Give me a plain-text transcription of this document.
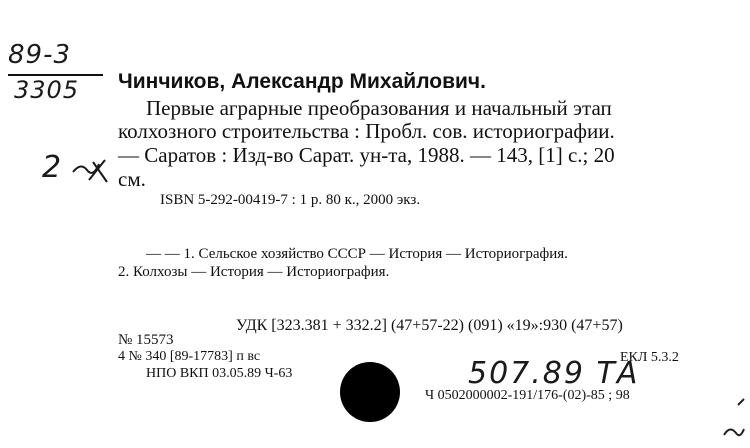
89-3
3305
2
Чинчиков, Александр Михайлович.
Первые аграрные преобразования и начальный этап
колхозного строительства : Пробл. сов. историографии.
— Саратов : Изд-во Сарат. ун-та, 1988. — 143, [1] с.; 20
см.
ISBN 5-292-00419-7 : 1 р. 80 к., 2000 экз.
— — 1. Сельское хозяйство СССР — История — Историография.
2. Колхозы — История — Историография.
УДК [323.381 + 332.2] (47+57-22) (091) «19»:930 (47+57)
№ 15573
4 № 340 [89-17783] п вс	ЕКЛ 5.3.2
НПО ВКП 03.05.89 Ч-63	507.89 ТА
Ч 0502000002-191/176-(02)-85 ; 98
